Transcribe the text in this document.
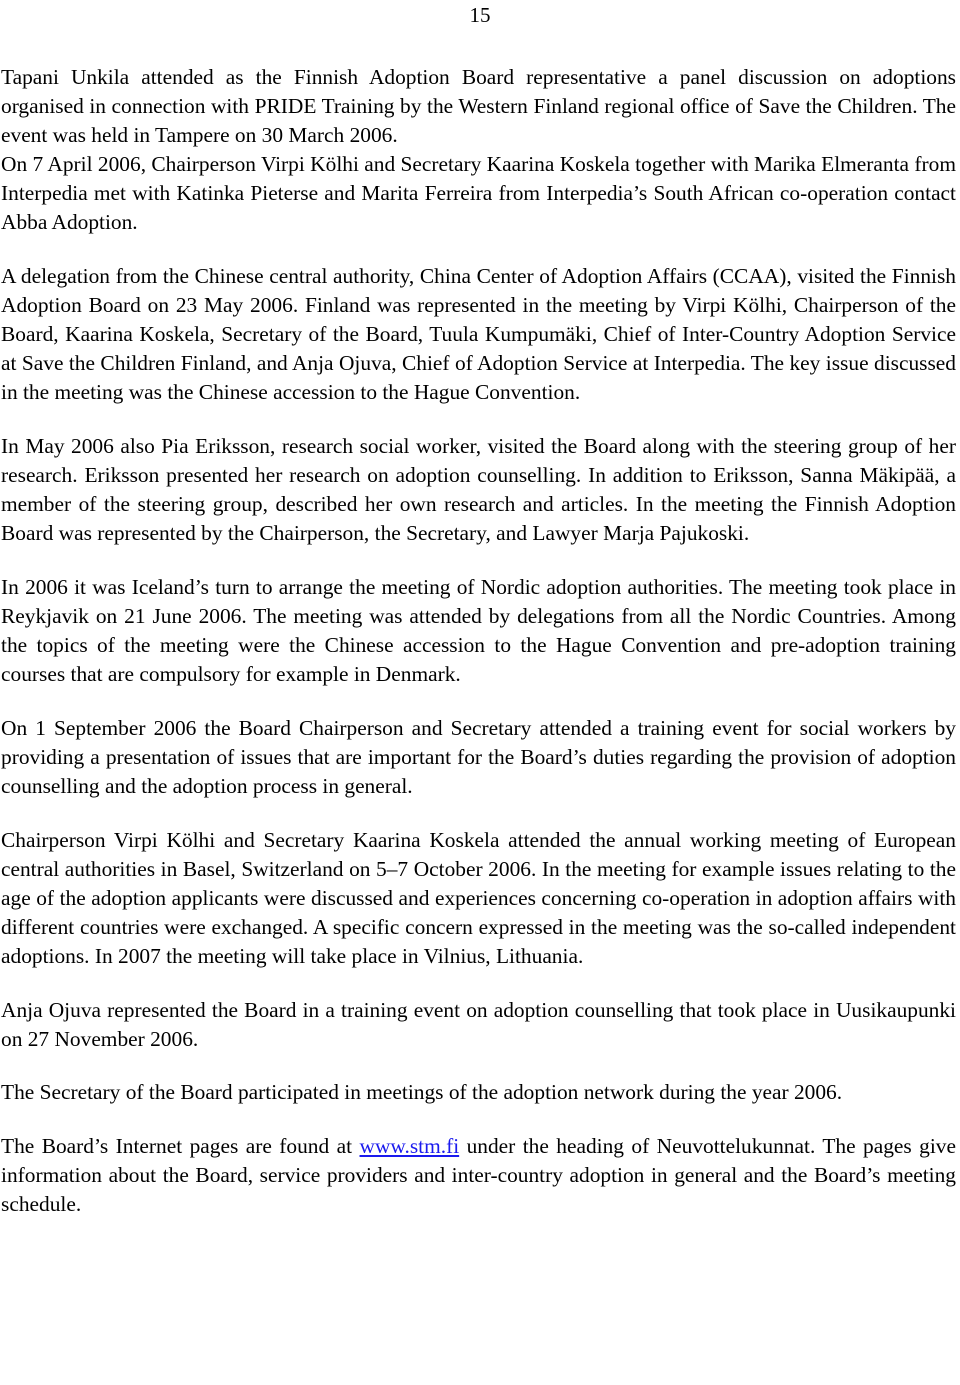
15

Tapani Unkila attended as the Finnish Adoption Board representative a panel discussion on adoptions organised in connection with PRIDE Training by the Western Finland regional office of Save the Children. The event was held in Tampere on 30 March 2006.

On 7 April 2006, Chairperson Virpi Kölhi and Secretary Kaarina Koskela together with Marika Elmeranta from Interpedia met with Katinka Pieterse and Marita Ferreira from Interpedia’s South African co-operation contact Abba Adoption.

A delegation from the Chinese central authority, China Center of Adoption Affairs (CCAA), visited the Finnish Adoption Board on 23 May 2006. Finland was represented in the meeting by Virpi Kölhi, Chairperson of the Board, Kaarina Koskela, Secretary of the Board, Tuula Kumpumäki, Chief of Inter-Country Adoption Service at Save the Children Finland, and Anja Ojuva, Chief of Adoption Service at Interpedia. The key issue discussed in the meeting was the Chinese accession to the Hague Convention.

In May 2006 also Pia Eriksson, research social worker, visited the Board along with the steering group of her research. Eriksson presented her research on adoption counselling. In addition to Eriksson, Sanna Mäkipää, a member of the steering group, described her own research and articles. In the meeting the Finnish Adoption Board was represented by the Chairperson, the Secretary, and Lawyer Marja Pajukoski.

In 2006 it was Iceland’s turn to arrange the meeting of Nordic adoption authorities. The meeting took place in Reykjavik on 21 June 2006. The meeting was attended by delegations from all the Nordic Countries. Among the topics of the meeting were the Chinese accession to the Hague Convention and pre-adoption training courses that are compulsory for example in Denmark.

On 1 September 2006 the Board Chairperson and Secretary attended a training event for social workers by providing a presentation of issues that are important for the Board’s duties regarding the provision of adoption counselling and the adoption process in general.

Chairperson Virpi Kölhi and Secretary Kaarina Koskela attended the annual working meeting of European central authorities in Basel, Switzerland on 5–7 October 2006. In the meeting for example issues relating to the age of the adoption applicants were discussed and experiences concerning co-operation in adoption affairs with different countries were exchanged. A specific concern expressed in the meeting was the so-called independent adoptions. In 2007 the meeting will take place in Vilnius, Lithuania.

Anja Ojuva represented the Board in a training event on adoption counselling that took place in Uusikaupunki on 27 November 2006.

The Secretary of the Board participated in meetings of the adoption network during the year 2006.

The Board’s Internet pages are found at www.stm.fi under the heading of Neuvottelukunnat. The pages give information about the Board, service providers and inter-country adoption in general and the Board’s meeting schedule.
